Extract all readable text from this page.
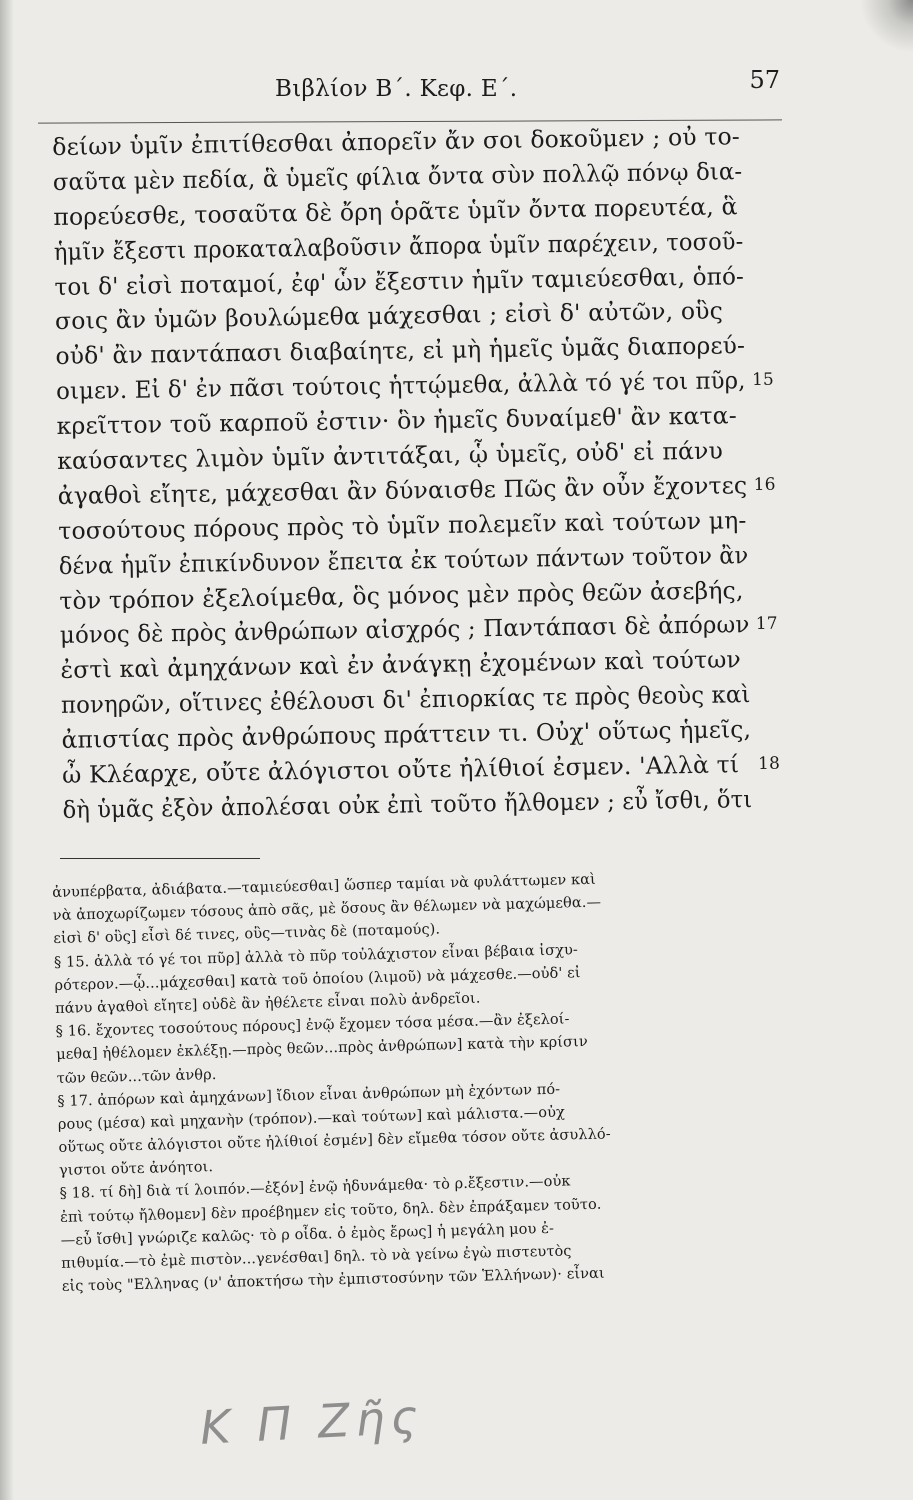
Βιβλίον Β΄. Κεφ. Ε΄.	57
δείων ὑμῖν ἐπιτίθεσθαι ἀπορεῖν ἄν σοι δοκοῦμεν ; οὐ το-
σαῦτα μὲν πεδία, ἃ ὑμεῖς φίλια ὄντα σὺν πολλῷ πόνῳ δια-
πορεύεσθε, τοσαῦτα δὲ ὄρη ὁρᾶτε ὑμῖν ὄντα πορευτέα, ἃ
ἡμῖν ἔξεστι προκαταλαβοῦσιν ἄπορα ὑμῖν παρέχειν, τοσοῦ-
τοι δ' εἰσὶ ποταμοί, ἐφ' ὧν ἔξεστιν ἡμῖν ταμιεύεσθαι, ὁπό-
σοις ἂν ὑμῶν βουλώμεθα μάχεσθαι ; εἰσὶ δ' αὐτῶν, οὓς
οὐδ' ἂν παντάπασι διαβαίητε, εἰ μὴ ἡμεῖς ὑμᾶς διαπορεύ-
οιμεν. Εἰ δ' ἐν πᾶσι τούτοις ἡττῴμεθα, ἀλλὰ τό γέ τοι πῦρ, 15
κρεῖττον τοῦ καρποῦ ἐστιν· ὃν ἡμεῖς δυναίμεθ' ἂν κατα-
καύσαντες λιμὸν ὑμῖν ἀντιτάξαι, ᾧ ὑμεῖς, οὐδ' εἰ πάνυ
ἀγαθοὶ εἴητε, μάχεσθαι ἂν δύναισθε Πῶς ἂν οὖν ἔχοντες 16
τοσούτους πόρους πρὸς τὸ ὑμῖν πολεμεῖν καὶ τούτων μη-
δένα ἡμῖν ἐπικίνδυνον ἔπειτα ἐκ τούτων πάντων τοῦτον ἂν
τὸν τρόπον ἐξελοίμεθα, ὃς μόνος μὲν πρὸς θεῶν ἀσεβής,
μόνος δὲ πρὸς ἀνθρώπων αἰσχρός ; Παντάπασι δὲ ἀπόρων 17
ἐστὶ καὶ ἀμηχάνων καὶ ἐν ἀνάγκῃ ἐχομένων καὶ τούτων
πονηρῶν, οἵτινες ἐθέλουσι δι' ἐπιορκίας τε πρὸς θεοὺς καὶ
ἀπιστίας πρὸς ἀνθρώπους πράττειν τι. Οὐχ' οὕτως ἡμεῖς,
ὦ Κλέαρχε, οὔτε ἀλόγιστοι οὔτε ἠλίθιοί ἐσμεν. 'Αλλὰ τί 18
δὴ ὑμᾶς ἐξὸν ἀπολέσαι οὐκ ἐπὶ τοῦτο ἤλθομεν ; εὖ ἴσθι, ὅτι
ἀνυπέρβατα, ἀδιάβατα.—ταμιεύεσθαι] ὥσπερ ταμίαι νὰ φυλάττωμεν καὶ
νὰ ἀποχωρίζωμεν τόσους ἀπὸ σᾶς, μὲ ὅσους ἂν θέλωμεν νὰ μαχώμεθα.—
εἰσὶ δ' οὓς] εἶσὶ δέ τινες, οὓς—τινὰς δὲ (ποταμούς).
§ 15. ἀλλὰ τό γέ τοι πῦρ] ἀλλὰ τὸ πῦρ τοὐλάχιστον εἶναι βέβαια ἰσχυ-
ρότερον.—ᾧ...μάχεσθαι] κατὰ τοῦ ὁποίου (λιμοῦ) νὰ μάχεσθε.—οὐδ' εἰ
πάνυ ἀγαθοὶ εἴητε] οὐδὲ ἂν ἠθέλετε εἶναι πολὺ ἀνδρεῖοι.
§ 16. ἔχοντες τοσούτους πόρους] ἐνῷ ἔχομεν τόσα μέσα.—ἂν ἐξελοί-
μεθα] ἠθέλομεν ἐκλέξῃ.—πρὸς θεῶν...πρὸς ἀνθρώπων] κατὰ τὴν κρίσιν
τῶν θεῶν...τῶν ἀνθρ.
§ 17. ἀπόρων καὶ ἀμηχάνων] ἴδιον εἶναι ἀνθρώπων μὴ ἐχόντων πό-
ρους (μέσα) καὶ μηχανὴν (τρόπον).—καὶ τούτων] καὶ μάλιστα.—οὐχ
οὕτως οὔτε ἀλόγιστοι οὔτε ἠλίθιοί ἐσμέν] δὲν εἴμεθα τόσον οὔτε ἀσυλλό-
γιστοι οὔτε ἀνόητοι.
§ 18. τί δὴ] διὰ τί λοιπόν.—ἐξόν] ἐνῷ ἠδυνάμεθα· τὸ ρ.ἔξεστιν.—οὐκ
ἐπὶ τούτῳ ἤλθομεν] δὲν προέβημεν εἰς τοῦτο, δηλ. δὲν ἐπράξαμεν τοῦτο.
—εὖ ἴσθι] γνώριζε καλῶς· τὸ ρ οἶδα. ὁ ἐμὸς ἔρως] ἡ μεγάλη μου ἐ-
πιθυμία.—τὸ ἐμὲ πιστὸν...γενέσθαι] δηλ. τὸ νὰ γείνω ἐγὼ πιστευτὸς
εἰς τοὺς "Ελληνας (ν' ἀποκτήσω τὴν ἐμπιστοσύνην τῶν Ἑλλήνων)· εἶναι
Κ Π Ζῆς
